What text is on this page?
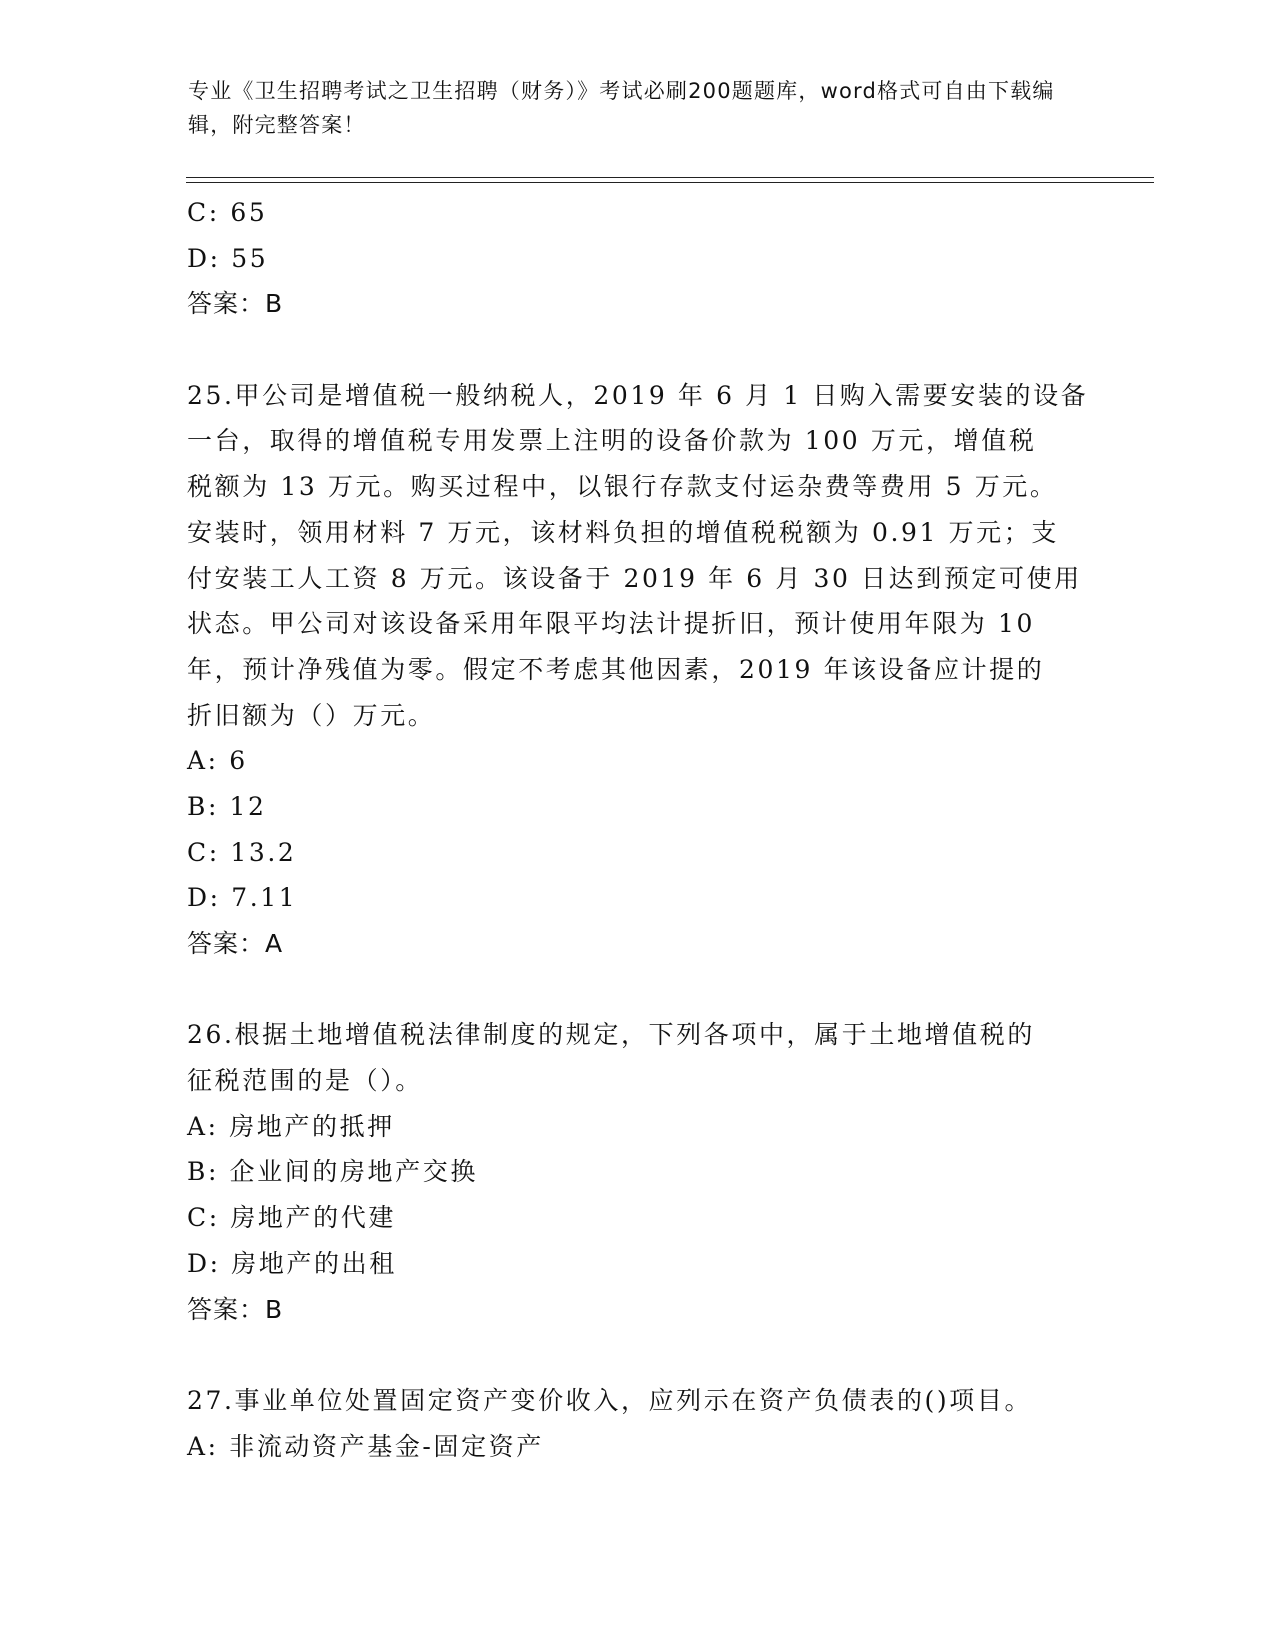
专业《卫生招聘考试之卫生招聘（财务）》考试必刷200题题库，word格式可自由下载编辑，附完整答案！
C: 65
D: 55
答案：B
25.甲公司是增值税一般纳税人，2019 年 6 月 1 日购入需要安装的设备
一台，取得的增值税专用发票上注明的设备价款为 100 万元，增值税
税额为 13 万元。购买过程中，以银行存款支付运杂费等费用 5 万元。
安装时，领用材料 7 万元，该材料负担的增值税税额为 0.91 万元；支
付安装工人工资 8 万元。该设备于 2019 年 6 月 30 日达到预定可使用
状态。甲公司对该设备采用年限平均法计提折旧，预计使用年限为 10
年，预计净残值为零。假定不考虑其他因素，2019 年该设备应计提的
折旧额为（）万元。
A: 6
B: 12
C: 13.2
D: 7.11
答案：A
26.根据土地增值税法律制度的规定，下列各项中，属于土地增值税的
征税范围的是（）。
A: 房地产的抵押
B: 企业间的房地产交换
C: 房地产的代建
D: 房地产的出租
答案：B
27.事业单位处置固定资产变价收入，应列示在资产负债表的()项目。
A: 非流动资产基金-固定资产
